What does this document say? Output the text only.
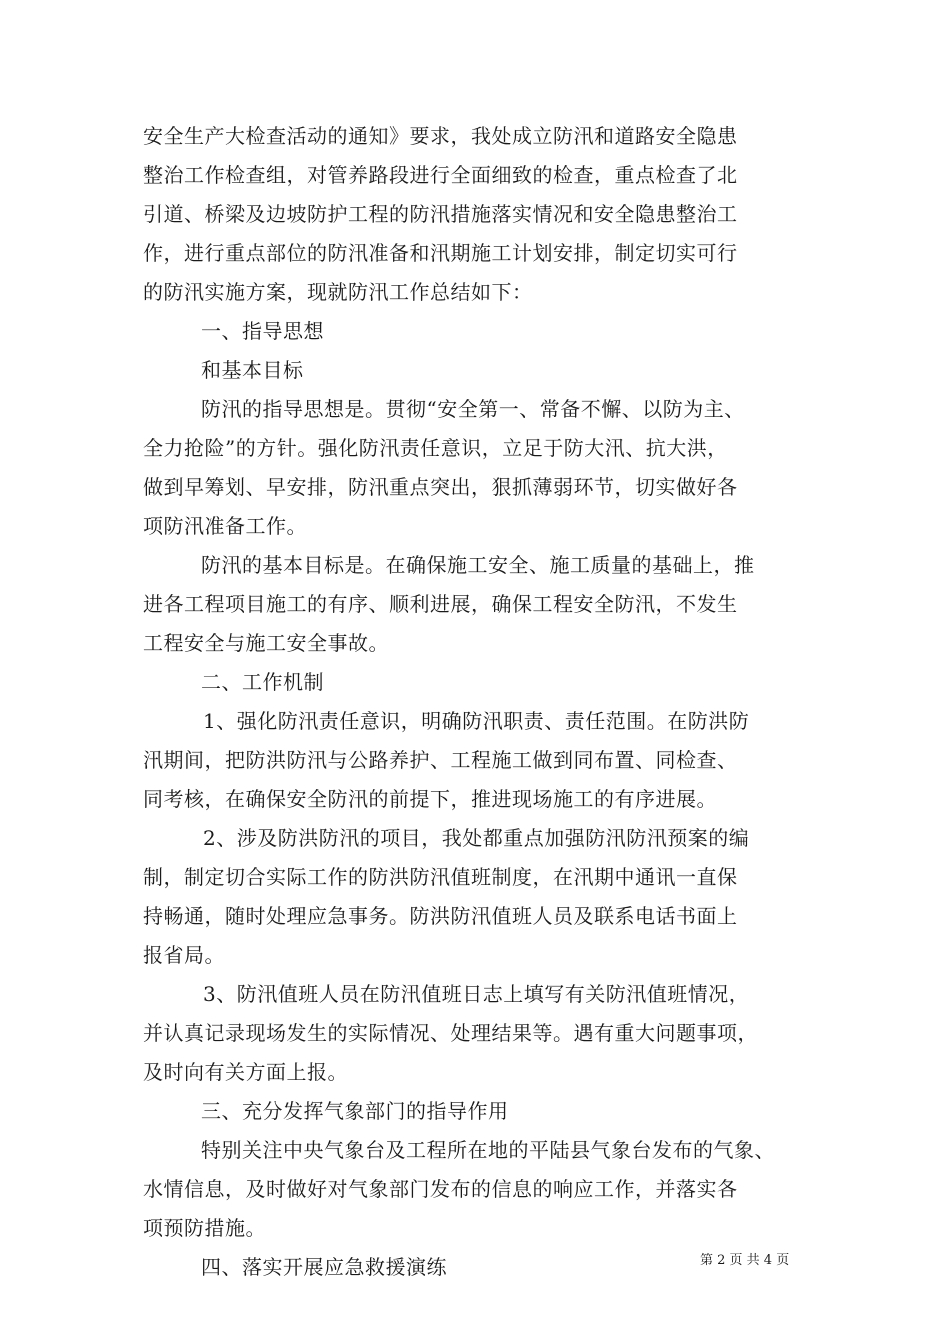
安全生产大检查活动的通知》要求，我处成立防汛和道路安全隐患
整治工作检查组，对管养路段进行全面细致的检查，重点检查了北
引道、桥梁及边坡防护工程的防汛措施落实情况和安全隐患整治工
作，进行重点部位的防汛准备和汛期施工计划安排，制定切实可行
的防汛实施方案，现就防汛工作总结如下：
一、指导思想
和基本目标
防汛的指导思想是。贯彻“安全第一、常备不懈、以防为主、
全力抢险”的方针。强化防汛责任意识，立足于防大汛、抗大洪，
做到早筹划、早安排，防汛重点突出，狠抓薄弱环节，切实做好各
项防汛准备工作。
防汛的基本目标是。在确保施工安全、施工质量的基础上，推
进各工程项目施工的有序、顺利进展，确保工程安全防汛，不发生
工程安全与施工安全事故。
二、工作机制
1、强化防汛责任意识，明确防汛职责、责任范围。在防洪防
汛期间，把防洪防汛与公路养护、工程施工做到同布置、同检查、
同考核，在确保安全防汛的前提下，推进现场施工的有序进展。
2、涉及防洪防汛的项目，我处都重点加强防汛防汛预案的编
制，制定切合实际工作的防洪防汛值班制度，在汛期中通讯一直保
持畅通，随时处理应急事务。防洪防汛值班人员及联系电话书面上
报省局。
3、防汛值班人员在防汛值班日志上填写有关防汛值班情况，
并认真记录现场发生的实际情况、处理结果等。遇有重大问题事项，
及时向有关方面上报。
三、充分发挥气象部门的指导作用
特别关注中央气象台及工程所在地的平陆县气象台发布的气象、
水情信息，及时做好对气象部门发布的信息的响应工作，并落实各
项预防措施。
四、落实开展应急救援演练	第 2 页 共 4 页
